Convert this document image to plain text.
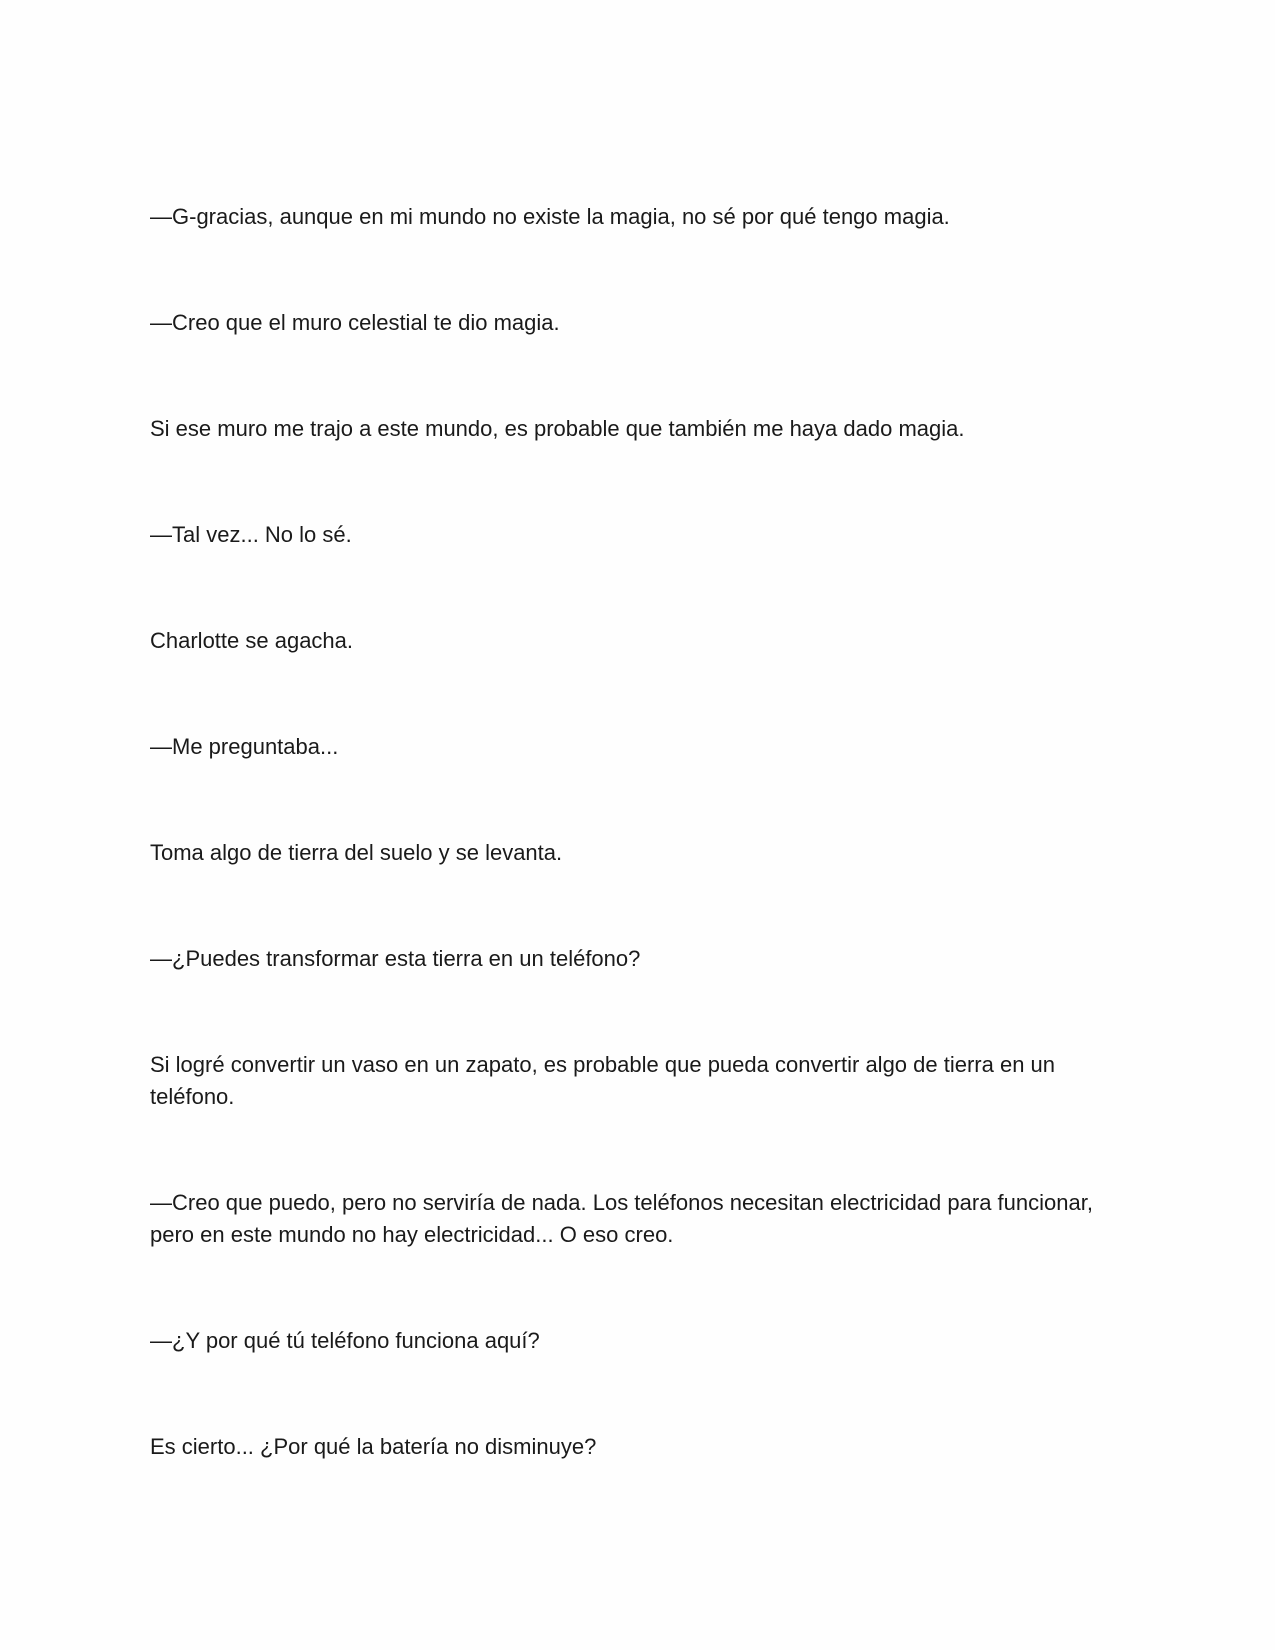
—G-gracias, aunque en mi mundo no existe la magia, no sé por qué tengo magia.

—Creo que el muro celestial te dio magia.

Si ese muro me trajo a este mundo, es probable que también me haya dado magia.

—Tal vez... No lo sé.

Charlotte se agacha.

—Me preguntaba...

Toma algo de tierra del suelo y se levanta.

—¿Puedes transformar esta tierra en un teléfono?

Si logré convertir un vaso en un zapato, es probable que pueda convertir algo de tierra en un teléfono.

—Creo que puedo, pero no serviría de nada. Los teléfonos necesitan electricidad para funcionar, pero en este mundo no hay electricidad... O eso creo.

—¿Y por qué tú teléfono funciona aquí?

Es cierto... ¿Por qué la batería no disminuye?
